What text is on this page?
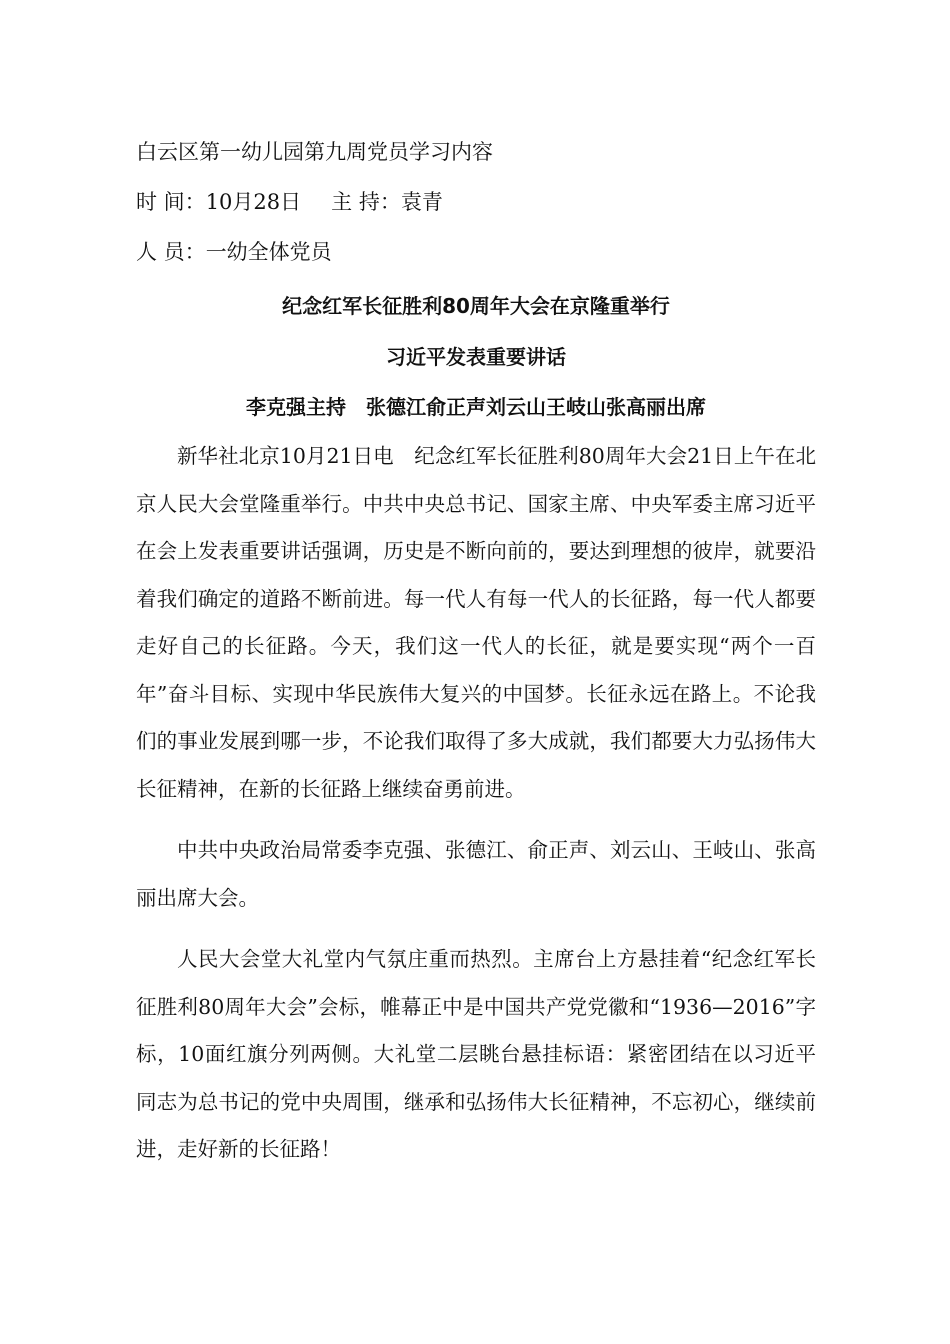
白云区第一幼儿园第九周党员学习内容
时 间：10月28日 主 持：袁青
人 员：一幼全体党员
纪念红军长征胜利80周年大会在京隆重举行
习近平发表重要讲话
李克强主持　张德江俞正声刘云山王岐山张高丽出席

新华社北京10月21日电　纪念红军长征胜利80周年大会21日上午在北京人民大会堂隆重举行。中共中央总书记、国家主席、中央军委主席习近平在会上发表重要讲话强调，历史是不断向前的，要达到理想的彼岸，就要沿着我们确定的道路不断前进。每一代人有每一代人的长征路，每一代人都要走好自己的长征路。今天，我们这一代人的长征，就是要实现“两个一百年”奋斗目标、实现中华民族伟大复兴的中国梦。长征永远在路上。不论我们的事业发展到哪一步，不论我们取得了多大成就，我们都要大力弘扬伟大长征精神，在新的长征路上继续奋勇前进。

中共中央政治局常委李克强、张德江、俞正声、刘云山、王岐山、张高丽出席大会。

人民大会堂大礼堂内气氛庄重而热烈。主席台上方悬挂着“纪念红军长征胜利80周年大会”会标，帷幕正中是中国共产党党徽和“1936—2016”字标，10面红旗分列两侧。大礼堂二层眺台悬挂标语：紧密团结在以习近平同志为总书记的党中央周围，继承和弘扬伟大长征精神，不忘初心，继续前进，走好新的长征路！
